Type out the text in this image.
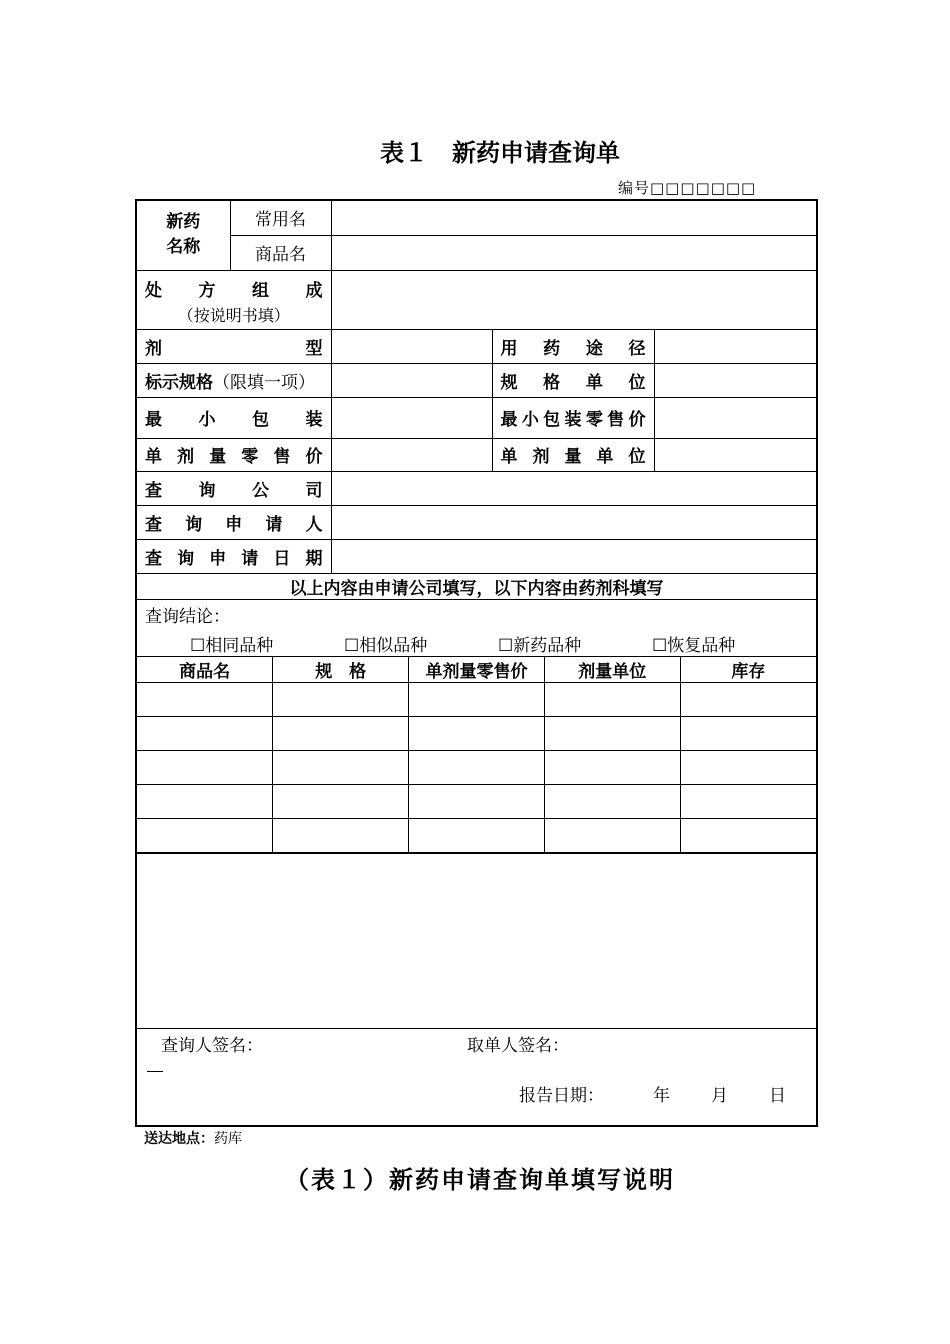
表１　新药申请查询单
编号□□□□□□□
新药名称	常用名	
商品名	

处方组成
（按说明书填）

剂型		用药途径	
标示规格（限填一项）		规格单位	
最小包装		最小包装零售价	
单剂量零售价		单剂量单位	
查询公司	
查询申请人	
查询申请日期	
以上内容由申请公司填写，以下内容由药剂科填写

查询结论：
☐相同品种	☐相似品种	☐新药品种	☐恢复品种

商品名	规　格	单剂量零售价	剂量单位	库存

查询人签名：	取单人签名：
报告日期：	年 月 日
送达地点：药库
（表１）新药申请查询单填写说明
